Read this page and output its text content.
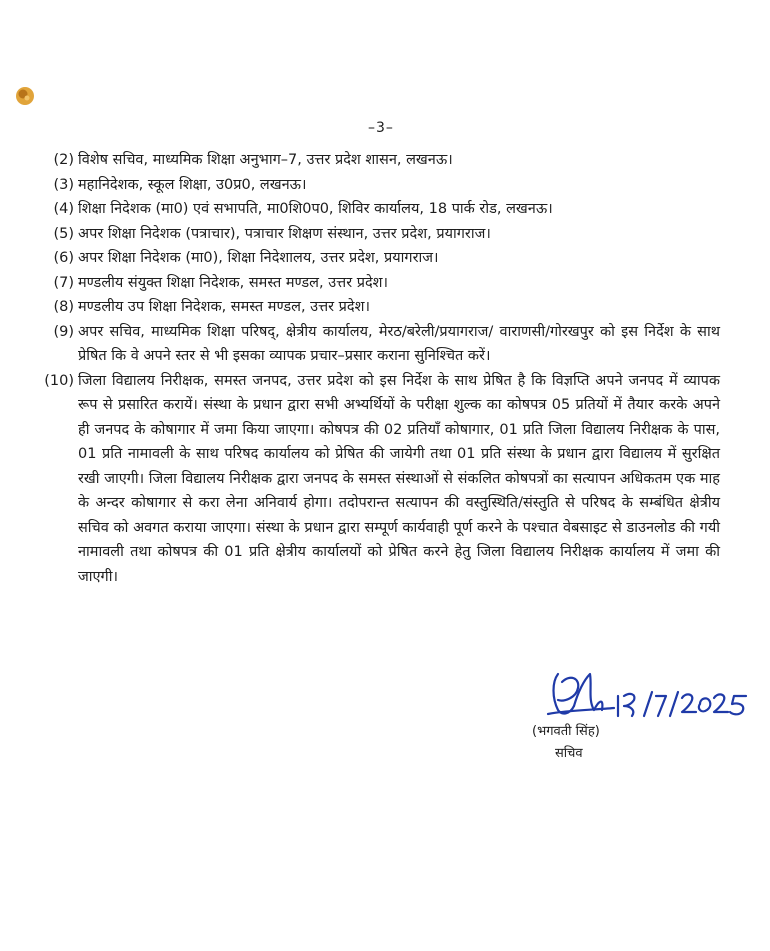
–3–
(2) विशेष सचिव, माध्यमिक शिक्षा अनुभाग–7, उत्तर प्रदेश शासन, लखनऊ।
(3) महानिदेशक, स्कूल शिक्षा, उ0प्र0, लखनऊ।
(4) शिक्षा निदेशक (मा0) एवं सभापति, मा0शि0प0, शिविर कार्यालय, 18 पार्क रोड, लखनऊ।
(5) अपर शिक्षा निदेशक (पत्राचार), पत्राचार शिक्षण संस्थान, उत्तर प्रदेश, प्रयागराज।
(6) अपर शिक्षा निदेशक (मा0), शिक्षा निदेशालय, उत्तर प्रदेश, प्रयागराज।
(7) मण्डलीय संयुक्त शिक्षा निदेशक, समस्त मण्डल, उत्तर प्रदेश।
(8) मण्डलीय उप शिक्षा निदेशक, समस्त मण्डल, उत्तर प्रदेश।
(9) अपर सचिव, माध्यमिक शिक्षा परिषद्, क्षेत्रीय कार्यालय, मेरठ/बरेली/प्रयागराज/ वाराणसी/गोरखपुर को इस निर्देश के साथ प्रेषित कि वे अपने स्तर से भी इसका व्यापक प्रचार–प्रसार कराना सुनिश्चित करें।
(10) जिला विद्यालय निरीक्षक, समस्त जनपद, उत्तर प्रदेश को इस निर्देश के साथ प्रेषित है कि विज्ञप्ति अपने जनपद में व्यापक रूप से प्रसारित करायें। संस्था के प्रधान द्वारा सभी अभ्यर्थियों के परीक्षा शुल्क का कोषपत्र 05 प्रतियों में तैयार करके अपने ही जनपद के कोषागार में जमा किया जाएगा। कोषपत्र की 02 प्रतियाँ कोषागार, 01 प्रति जिला विद्यालय निरीक्षक के पास, 01 प्रति नामावली के साथ परिषद कार्यालय को प्रेषित की जायेगी तथा 01 प्रति संस्था के प्रधान द्वारा विद्यालय में सुरक्षित रखी जाएगी। जिला विद्यालय निरीक्षक द्वारा जनपद के समस्त संस्थाओं से संकलित कोषपत्रों का सत्यापन अधिकतम एक माह के अन्दर कोषागार से करा लेना अनिवार्य होगा। तदोपरान्त सत्यापन की वस्तुस्थिति/संस्तुति से परिषद के सम्बंधित क्षेत्रीय सचिव को अवगत कराया जाएगा। संस्था के प्रधान द्वारा सम्पूर्ण कार्यवाही पूर्ण करने के पश्चात वेबसाइट से डाउनलोड की गयी नामावली तथा कोषपत्र की 01 प्रति क्षेत्रीय कार्यालयों को प्रेषित करने हेतु जिला विद्यालय निरीक्षक कार्यालय में जमा की जाएगी।
15/7/2025
(भगवती सिंह)
सचिव
